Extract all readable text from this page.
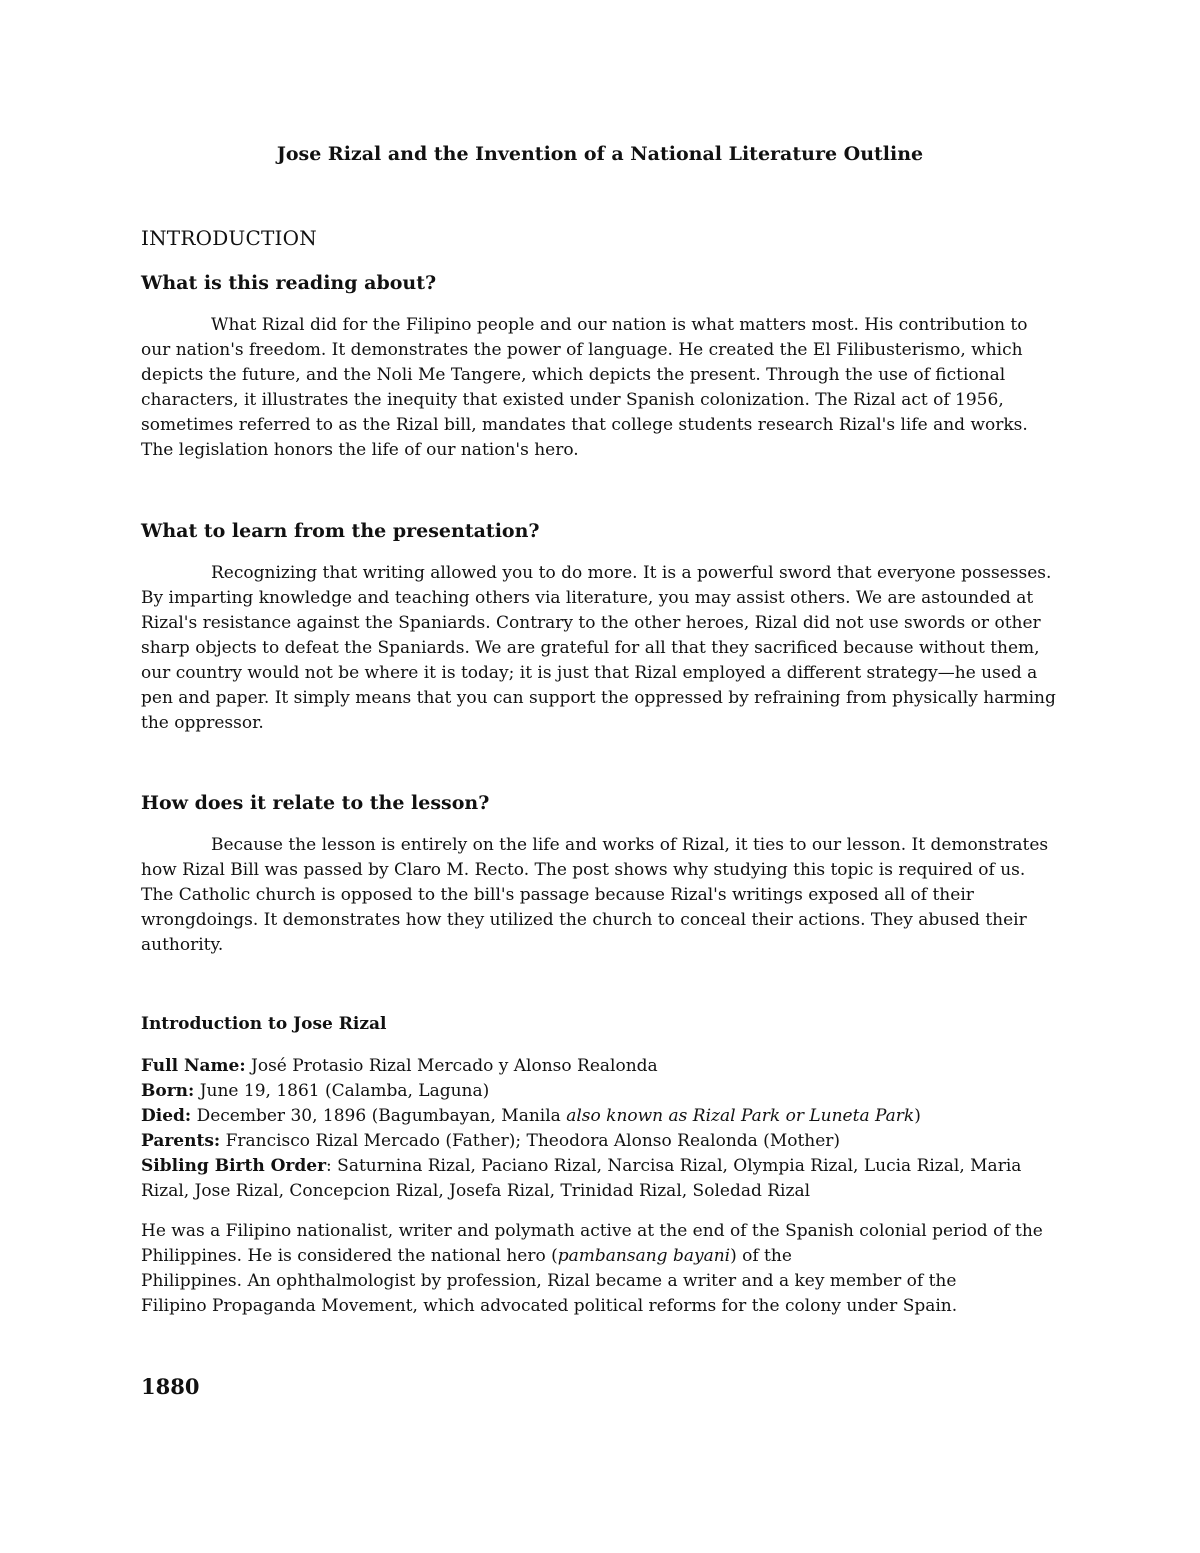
Jose Rizal and the Invention of a National Literature Outline
INTRODUCTION
What is this reading about?

What Rizal did for the Filipino people and our nation is what matters most. His contribution to our nation's freedom. It demonstrates the power of language. He created the El Filibusterismo, which depicts the future, and the Noli Me Tangere, which depicts the present. Through the use of fictional characters, it illustrates the inequity that existed under Spanish colonization. The Rizal act of 1956, sometimes referred to as the Rizal bill, mandates that college students research Rizal's life and works. The legislation honors the life of our nation's hero.

What to learn from the presentation?

Recognizing that writing allowed you to do more. It is a powerful sword that everyone possesses. By imparting knowledge and teaching others via literature, you may assist others. We are astounded at Rizal's resistance against the Spaniards. Contrary to the other heroes, Rizal did not use swords or other sharp objects to defeat the Spaniards. We are grateful for all that they sacrificed because without them, our country would not be where it is today; it is just that Rizal employed a different strategy—he used a pen and paper. It simply means that you can support the oppressed by refraining from physically harming the oppressor.

How does it relate to the lesson?

Because the lesson is entirely on the life and works of Rizal, it ties to our lesson. It demonstrates how Rizal Bill was passed by Claro M. Recto. The post shows why studying this topic is required of us. The Catholic church is opposed to the bill's passage because Rizal's writings exposed all of their wrongdoings. It demonstrates how they utilized the church to conceal their actions. They abused their authority.

Introduction to Jose Rizal
Full Name: José Protasio Rizal Mercado y Alonso Realonda
Born: June 19, 1861 (Calamba, Laguna)
Died: December 30, 1896 (Bagumbayan, Manila also known as Rizal Park or Luneta Park)
Parents: Francisco Rizal Mercado (Father); Theodora Alonso Realonda (Mother)
Sibling Birth Order: Saturnina Rizal, Paciano Rizal, Narcisa Rizal, Olympia Rizal, Lucia Rizal, Maria Rizal, Jose Rizal, Concepcion Rizal, Josefa Rizal, Trinidad Rizal, Soledad Rizal

He was a Filipino nationalist, writer and polymath active at the end of the Spanish colonial period of the
Philippines. He is considered the national hero (pambansang bayani) of the
Philippines. An ophthalmologist by profession, Rizal became a writer and a key member of the
Filipino Propaganda Movement, which advocated political reforms for the colony under Spain.

1880
